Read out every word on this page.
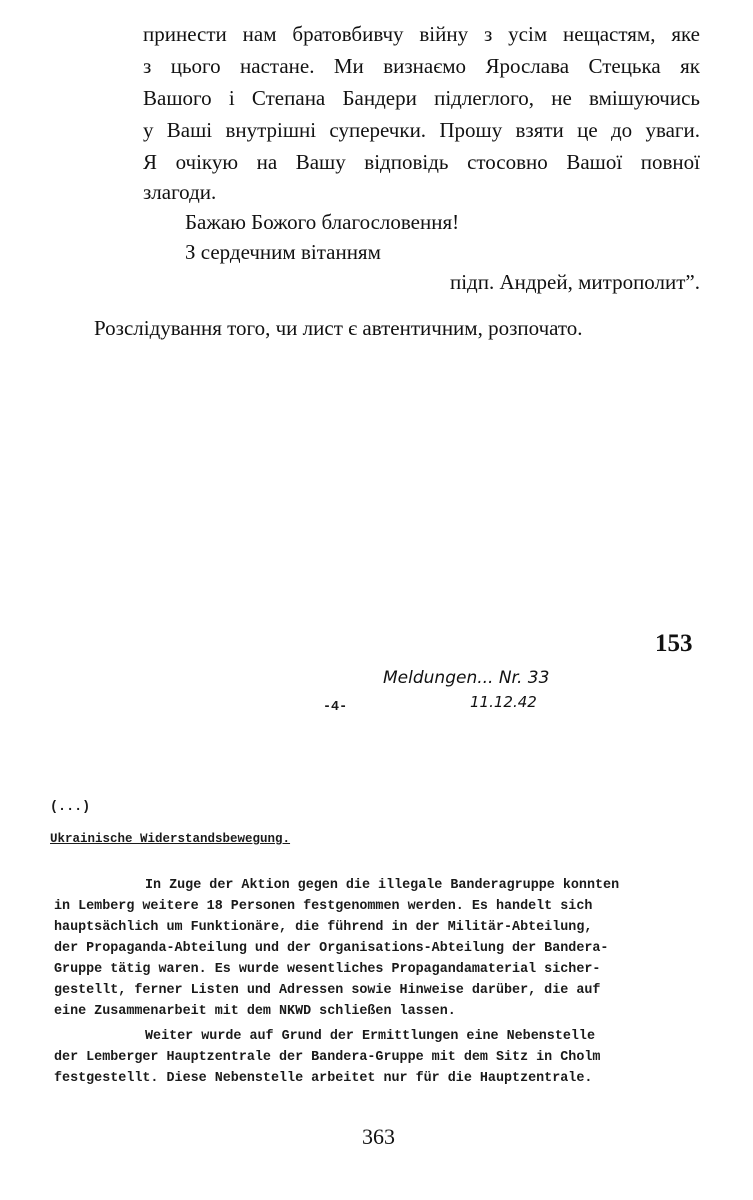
принести нам братовбивчу війну з усім нещастям, яке
з цього настане. Ми визнаємо Ярослава Стецька як
Вашого і Степана Бандери підлеглого, не вмішуючись
у Ваші внутрішні суперечки. Прошу взяти це до уваги.
Я очікую на Вашу відповідь стосовно Вашої повної
злагоди.
Бажаю Божого благословення!
З сердечним вітанням
підп. Андрей, митрополит”.
Розслідування того, чи лист є автентичним, розпочато.
153
Meldungen... Nr. 33
11.12.42
-4-
(...)
Ukrainische Widerstandsbewegung.
In Zuge der Aktion gegen die illegale Banderagruppe konnten
in Lemberg weitere 18 Personen festgenommen werden. Es handelt sich
hauptsächlich um Funktionäre, die führend in der Militär-Abteilung,
der Propaganda-Abteilung und der Organisations-Abteilung der Bandera-
Gruppe tätig waren. Es wurde wesentliches Propagandamaterial sicher-
gestellt, ferner Listen und Adressen sowie Hinweise darüber, die auf
eine Zusammenarbeit mit dem NKWD schließen lassen.
Weiter wurde auf Grund der Ermittlungen eine Nebenstelle
der Lemberger Hauptzentrale der Bandera-Gruppe mit dem Sitz in Cholm
festgestellt. Diese Nebenstelle arbeitet nur für die Hauptzentrale.
363
